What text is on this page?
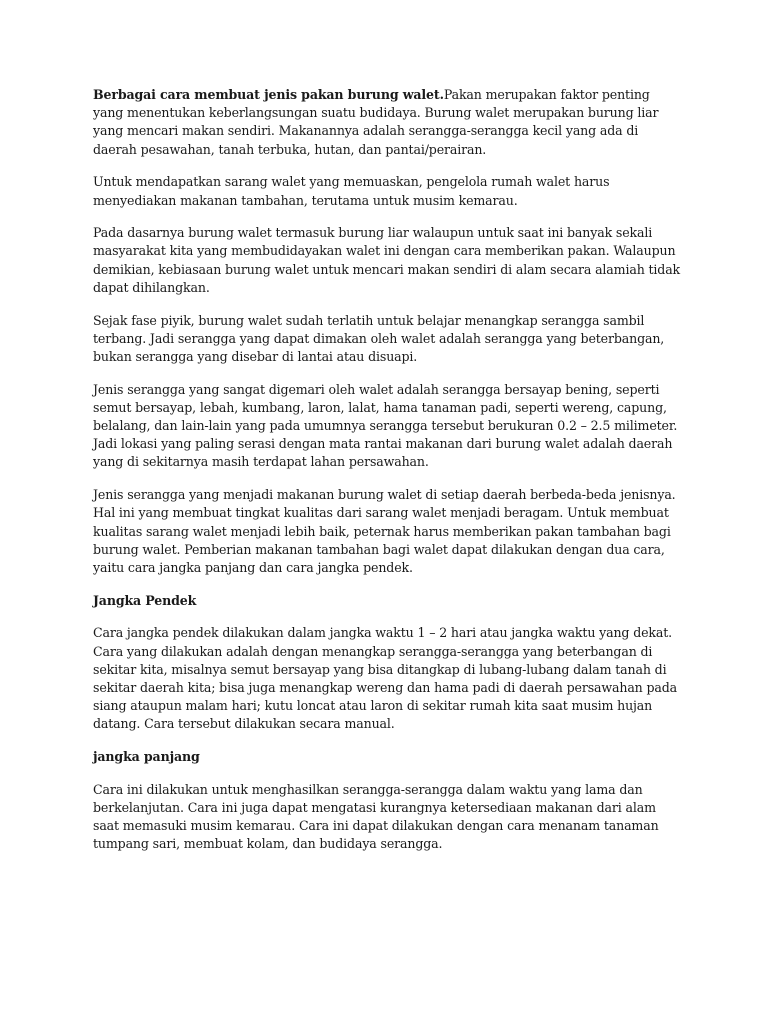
Berbagai cara membuat jenis pakan burung walet.Pakan merupakan faktor penting yang menentukan keberlangsungan suatu budidaya. Burung walet merupakan burung liar yang mencari makan sendiri. Makanannya adalah serangga-serangga kecil yang ada di daerah pesawahan, tanah terbuka, hutan, dan pantai/perairan.

Untuk mendapatkan sarang walet yang memuaskan, pengelola rumah walet harus menyediakan makanan tambahan, terutama untuk musim kemarau.

Pada dasarnya burung walet termasuk burung liar walaupun untuk saat ini banyak sekali masyarakat kita yang membudidayakan walet ini dengan cara memberikan pakan. Walaupun demikian, kebiasaan burung walet untuk mencari makan sendiri di alam secara alamiah tidak dapat dihilangkan.

Sejak fase piyik, burung walet sudah terlatih untuk belajar menangkap serangga sambil terbang. Jadi serangga yang dapat dimakan oleh walet adalah serangga yang beterbangan, bukan serangga yang disebar di lantai atau disuapi.

Jenis serangga yang sangat digemari oleh walet adalah serangga bersayap bening, seperti semut bersayap, lebah, kumbang, laron, lalat, hama tanaman padi, seperti wereng, capung, belalang, dan lain-lain yang pada umumnya serangga tersebut berukuran 0.2 – 2.5 milimeter. Jadi lokasi yang paling serasi dengan mata rantai makanan dari burung walet adalah daerah yang di sekitarnya masih terdapat lahan persawahan.

Jenis serangga yang menjadi makanan burung walet di setiap daerah berbeda-beda jenisnya. Hal ini yang membuat tingkat kualitas dari sarang walet menjadi beragam. Untuk membuat kualitas sarang walet menjadi lebih baik, peternak harus memberikan pakan tambahan bagi burung walet. Pemberian makanan tambahan bagi walet dapat dilakukan dengan dua cara, yaitu cara jangka panjang dan cara jangka pendek.

Jangka Pendek

Cara jangka pendek dilakukan dalam jangka waktu 1 – 2 hari atau jangka waktu yang dekat. Cara yang dilakukan adalah dengan menangkap serangga-serangga yang beterbangan di sekitar kita, misalnya semut bersayap yang bisa ditangkap di lubang-lubang dalam tanah di sekitar daerah kita; bisa juga menangkap wereng dan hama padi di daerah persawahan pada siang ataupun malam hari; kutu loncat atau laron di sekitar rumah kita saat musim hujan datang. Cara tersebut dilakukan secara manual.

jangka panjang

Cara ini dilakukan untuk menghasilkan serangga-serangga dalam waktu yang lama dan berkelanjutan. Cara ini juga dapat mengatasi kurangnya ketersediaan makanan dari alam saat memasuki musim kemarau. Cara ini dapat dilakukan dengan cara menanam tanaman tumpang sari, membuat kolam, dan budidaya serangga.
